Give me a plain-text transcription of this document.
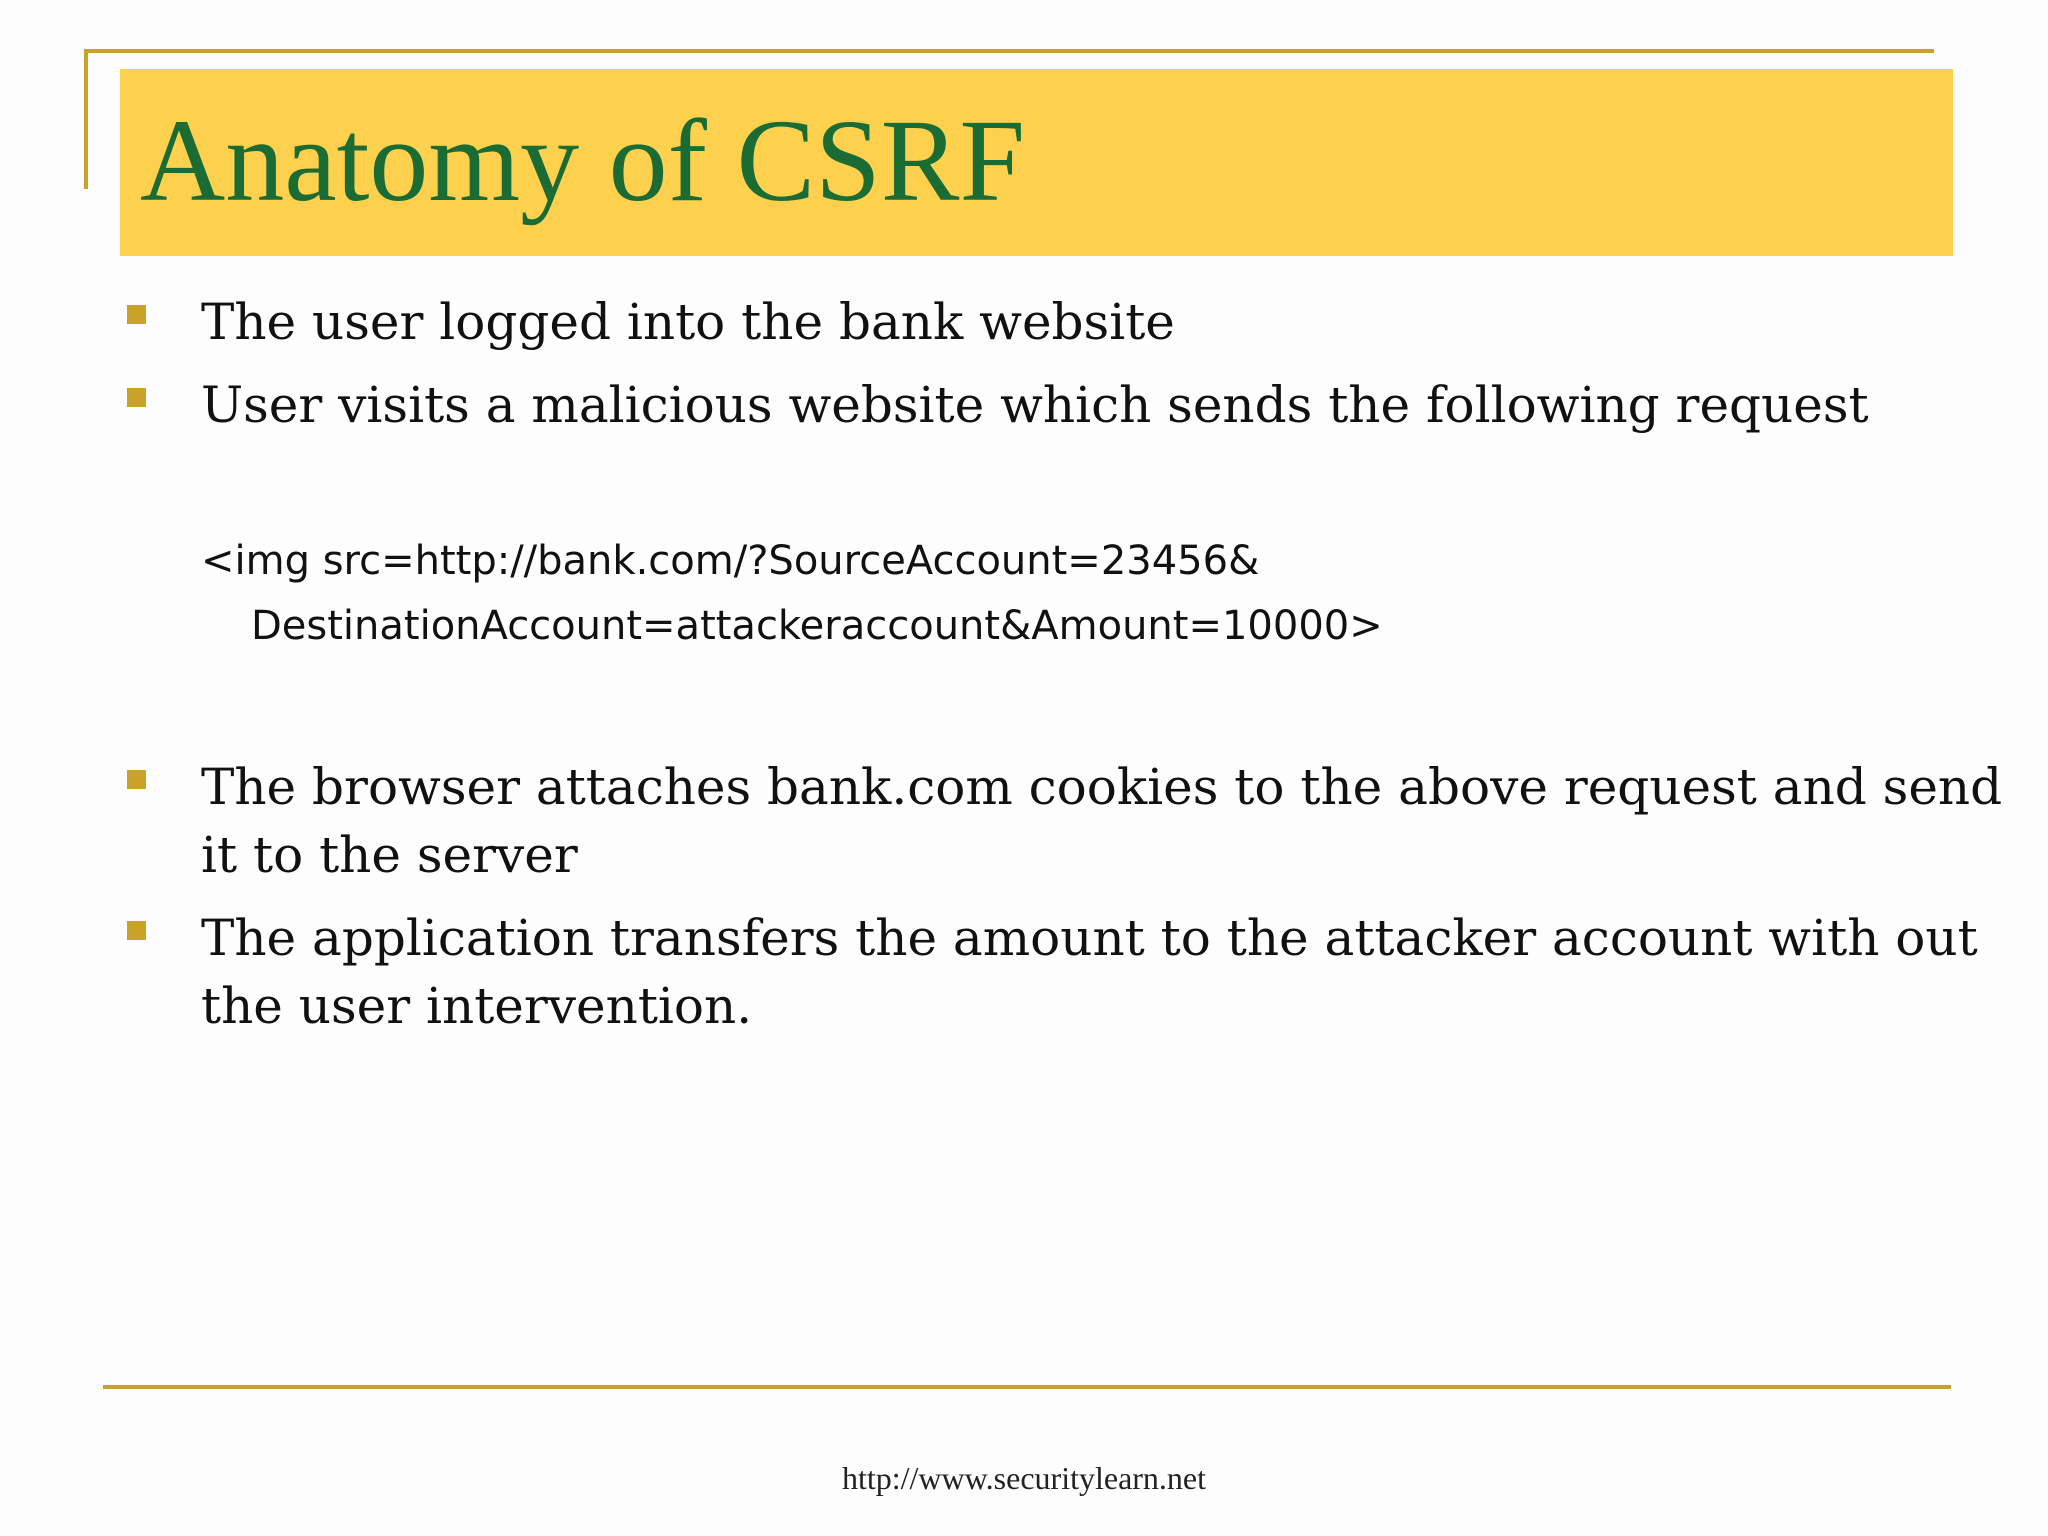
Anatomy of CSRF
The user logged into the bank website
User visits a malicious website which sends the following request
<img src=http://bank.com/?SourceAccount=23456&
DestinationAccount=attackeraccount&Amount=10000>
The browser attaches bank.com cookies to the above request and send
it to the server
The application transfers the amount to the attacker account with out
the user intervention.
http://www.securitylearn.net
